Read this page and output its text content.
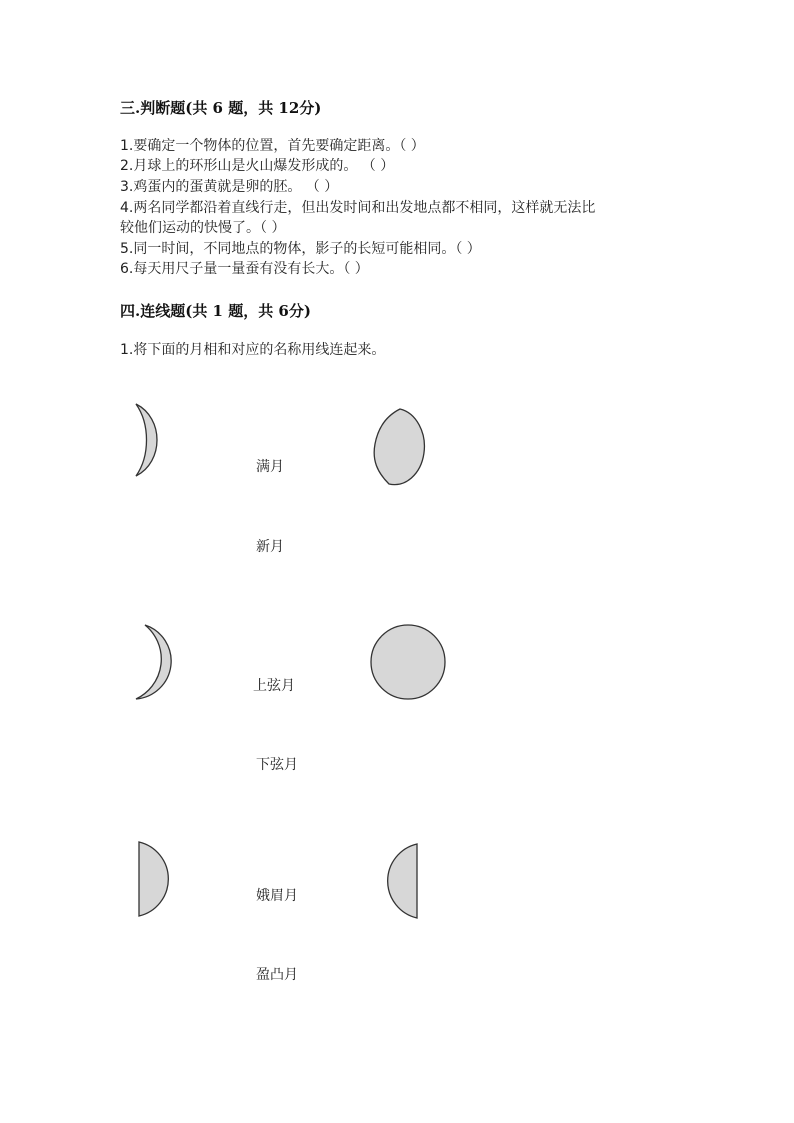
三.判断题(共 6 题，共 12分)
1.要确定一个物体的位置，首先要确定距离。（ ）
2.月球上的环形山是火山爆发形成的。 （ ）
3.鸡蛋内的蛋黄就是卵的胚。 （ ）
4.两名同学都沿着直线行走，但出发时间和出发地点都不相同，这样就无法比
较他们运动的快慢了。（ ）
5.同一时间，不同地点的物体，影子的长短可能相同。（ ）
6.每天用尺子量一量蚕有没有长大。（ ）
四.连线题(共 1 题，共 6分)
1.将下面的月相和对应的名称用线连起来。
满月
新月
上弦月
下弦月
娥眉月
盈凸月
